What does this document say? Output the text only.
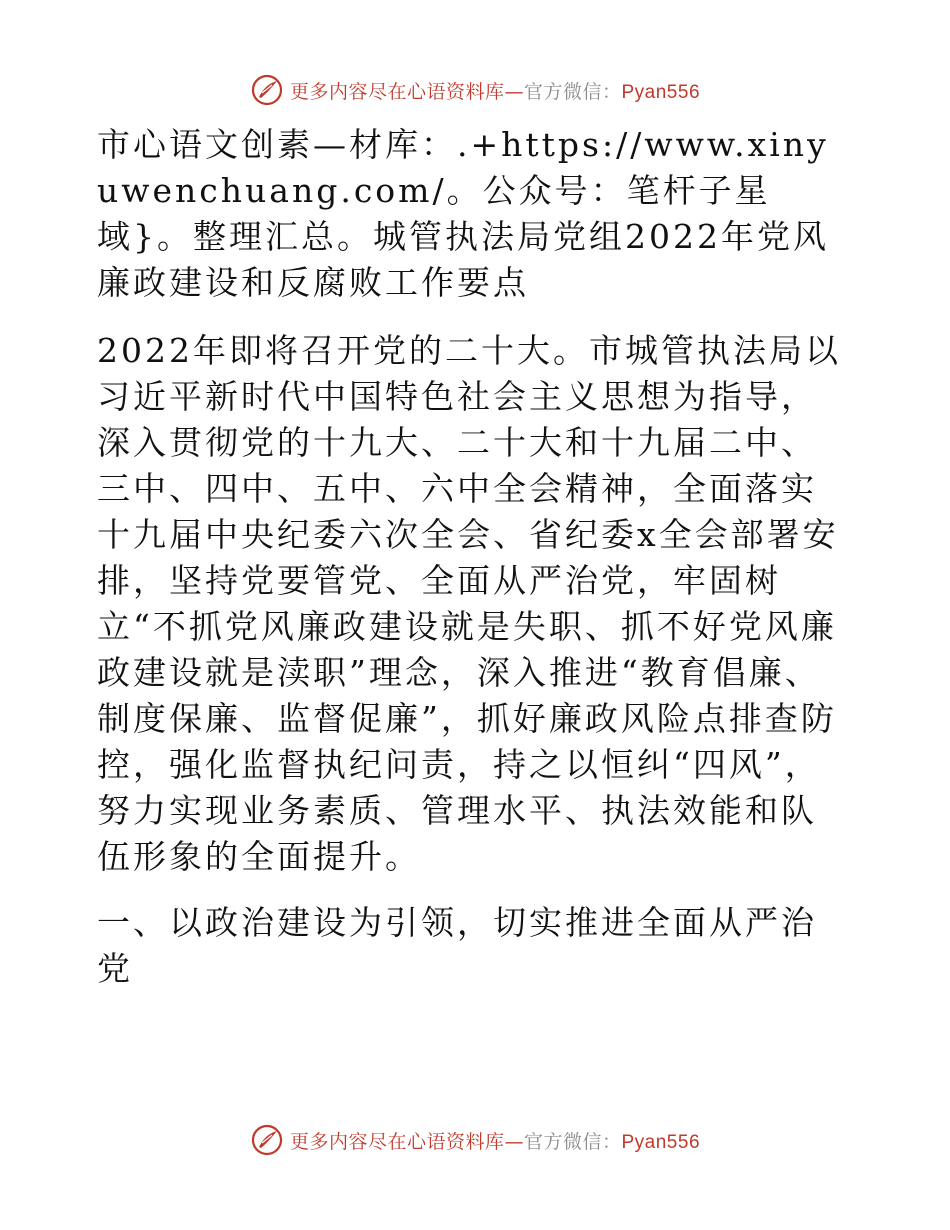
更多内容尽在心语资料库—官方微信：Pyan556

市心语文创素—材库：.+https://www.xinyuwenchuang.com/。公众号：笔杆子星域}。整理汇总。城管执法局党组2022年党风廉政建设和反腐败工作要点

2022年即将召开党的二十大。市城管执法局以习近平新时代中国特色社会主义思想为指导，深入贯彻党的十九大、二十大和十九届二中、三中、四中、五中、六中全会精神，全面落实十九届中央纪委六次全会、省纪委x全会部署安排，坚持党要管党、全面从严治党，牢固树立“不抓党风廉政建设就是失职、抓不好党风廉政建设就是渎职”理念，深入推进“教育倡廉、制度保廉、监督促廉”，抓好廉政风险点排查防控，强化监督执纪问责，持之以恒纠“四风”，努力实现业务素质、管理水平、执法效能和队伍形象的全面提升。

一、以政治建设为引领，切实推进全面从严治党

更多内容尽在心语资料库—官方微信：Pyan556
